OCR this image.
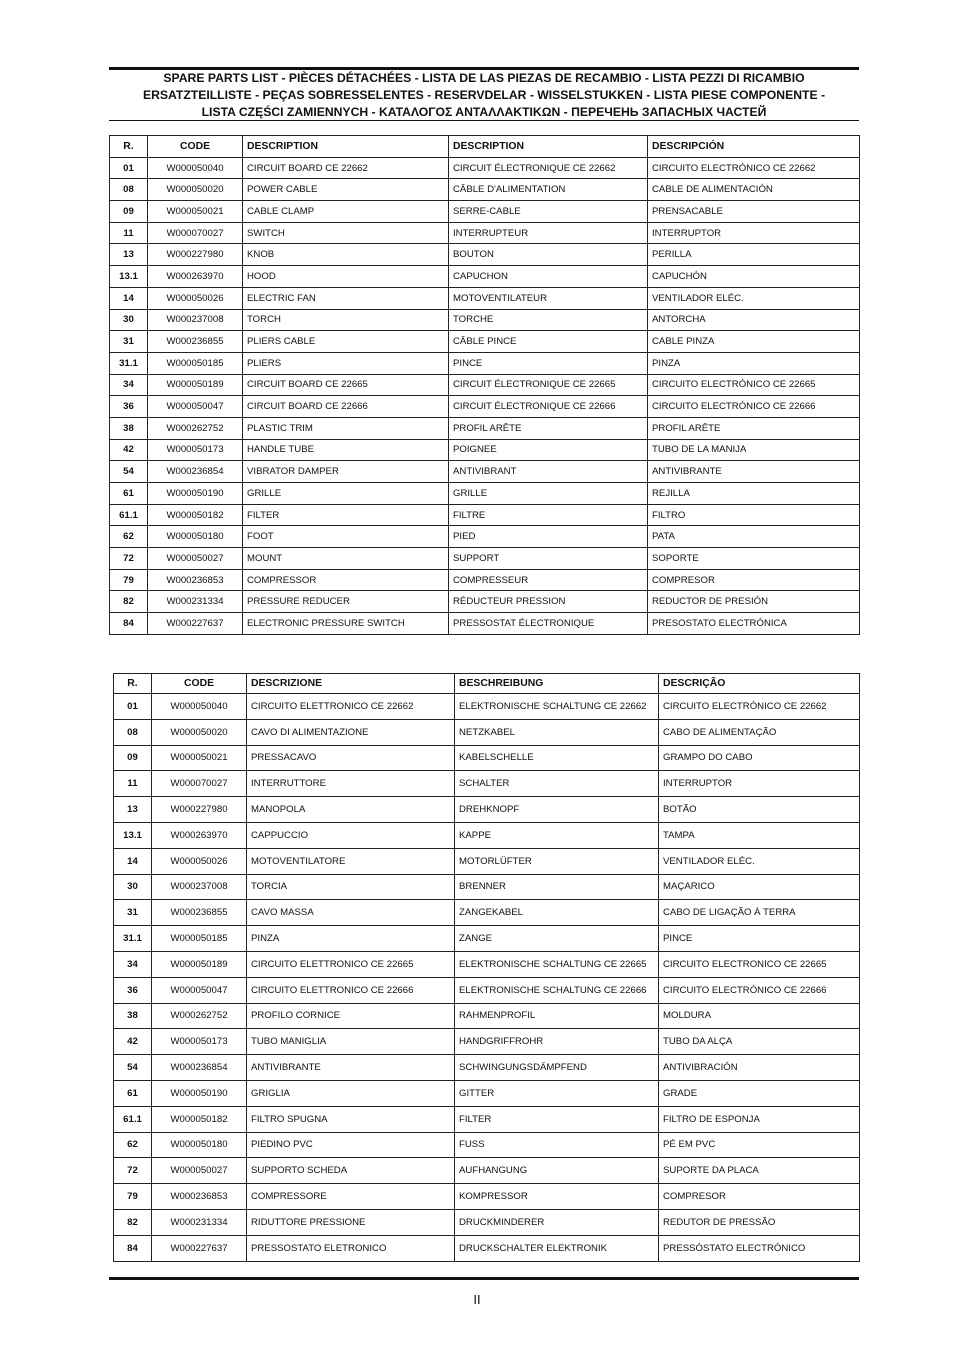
SPARE PARTS LIST - PIÈCES DÉTACHÉES - LISTA DE LAS PIEZAS DE RECAMBIO - LISTA PEZZI DI RICAMBIO
ERSATZTEILLISTE - PEÇAS SOBRESSELENTES - RESERVDELAR - WISSELSTUKKEN - LISTA PIESE COMPONENTE -
LISTA CZĘŚCI ZAMIENNYCH - ΚΑΤΑΛΟΓΟΣ ΑΝΤΑΛΛΑΚΤΙΚΩΝ - ПЕРЕЧЕНЬ ЗАПАСНЫХ ЧАСТЕЙ
R.	CODE	DESCRIPTION	DESCRIPTION	DESCRIPCIÓN
01	W000050040	CIRCUIT BOARD CE 22662	CIRCUIT ÉLECTRONIQUE CE 22662	CIRCUITO ELECTRÓNICO CE 22662
08	W000050020	POWER CABLE	CÂBLE D'ALIMENTATION	CABLE DE ALIMENTACIÓN
09	W000050021	CABLE CLAMP	SERRE-CABLE	PRENSACABLE
11	W000070027	SWITCH	INTERRUPTEUR	INTERRUPTOR
13	W000227980	KNOB	BOUTON	PERILLA
13.1	W000263970	HOOD	CAPUCHON	CAPUCHÓN
14	W000050026	ELECTRIC FAN	MOTOVENTILATEUR	VENTILADOR ELÉC.
30	W000237008	TORCH	TORCHE	ANTORCHA
31	W000236855	PLIERS CABLE	CÂBLE PINCE	CABLE PINZA
31.1	W000050185	PLIERS	PINCE	PINZA
34	W000050189	CIRCUIT BOARD CE 22665	CIRCUIT ÉLECTRONIQUE CE 22665	CIRCUITO ELECTRÓNICO CE 22665
36	W000050047	CIRCUIT BOARD CE 22666	CIRCUIT ÉLECTRONIQUE CE 22666	CIRCUITO ELECTRÓNICO CE 22666
38	W000262752	PLASTIC TRIM	PROFIL ARÊTE	PROFIL ARÊTE
42	W000050173	HANDLE TUBE	POIGNEE	TUBO DE LA MANIJA
54	W000236854	VIBRATOR DAMPER	ANTIVIBRANT	ANTIVIBRANTE
61	W000050190	GRILLE	GRILLE	REJILLA
61.1	W000050182	FILTER	FILTRE	FILTRO
62	W000050180	FOOT	PIED	PATA
72	W000050027	MOUNT	SUPPORT	SOPORTE
79	W000236853	COMPRESSOR	COMPRESSEUR	COMPRESOR
82	W000231334	PRESSURE REDUCER	RÉDUCTEUR PRESSION	REDUCTOR DE PRESIÓN
84	W000227637	ELECTRONIC PRESSURE SWITCH	PRESSOSTAT ÉLECTRONIQUE	PRESOSTATO ELECTRÓNICA
R.	CODE	DESCRIZIONE	BESCHREIBUNG	DESCRIÇÃO
01	W000050040	CIRCUITO ELETTRONICO CE 22662	ELEKTRONISCHE SCHALTUNG CE 22662	CIRCUITO ELECTRÓNICO CE 22662
08	W000050020	CAVO DI ALIMENTAZIONE	NETZKABEL	CABO DE ALIMENTAÇÃO
09	W000050021	PRESSACAVO	KABELSCHELLE	GRAMPO DO CABO
11	W000070027	INTERRUTTORE	SCHALTER	INTERRUPTOR
13	W000227980	MANOPOLA	DREHKNOPF	BOTÃO
13.1	W000263970	CAPPUCCIO	KAPPE	TAMPA
14	W000050026	MOTOVENTILATORE	MOTORLÜFTER	VENTILADOR ELÉC.
30	W000237008	TORCIA	BRENNER	MAÇARICO
31	W000236855	CAVO MASSA	ZANGEKABEL	CABO DE LIGAÇÃO À TERRA
31.1	W000050185	PINZA	ZANGE	PINCE
34	W000050189	CIRCUITO ELETTRONICO CE 22665	ELEKTRONISCHE SCHALTUNG CE 22665	CIRCUITO ELECTRONICO CE 22665
36	W000050047	CIRCUITO ELETTRONICO CE 22666	ELEKTRONISCHE SCHALTUNG CE 22666	CIRCUITO ELECTRÓNICO CE 22666
38	W000262752	PROFILO CORNICE	RAHMENPROFIL	MOLDURA
42	W000050173	TUBO MANIGLIA	HANDGRIFFROHR	TUBO DA ALÇA
54	W000236854	ANTIVIBRANTE	SCHWINGUNGSDÄMPFEND	ANTIVIBRACIÓN
61	W000050190	GRIGLIA	GITTER	GRADE
61.1	W000050182	FILTRO SPUGNA	FILTER	FILTRO DE ESPONJA
62	W000050180	PIEDINO PVC	FUSS	PÉ EM PVC
72	W000050027	SUPPORTO SCHEDA	AUFHANGUNG	SUPORTE DA PLACA
79	W000236853	COMPRESSORE	KOMPRESSOR	COMPRESOR
82	W000231334	RIDUTTORE PRESSIONE	DRUCKMINDERER	REDUTOR DE PRESSÃO
84	W000227637	PRESSOSTATO ELETRONICO	DRUCKSCHALTER ELEKTRONIK	PRESSÓSTATO ELECTRÓNICO
II
